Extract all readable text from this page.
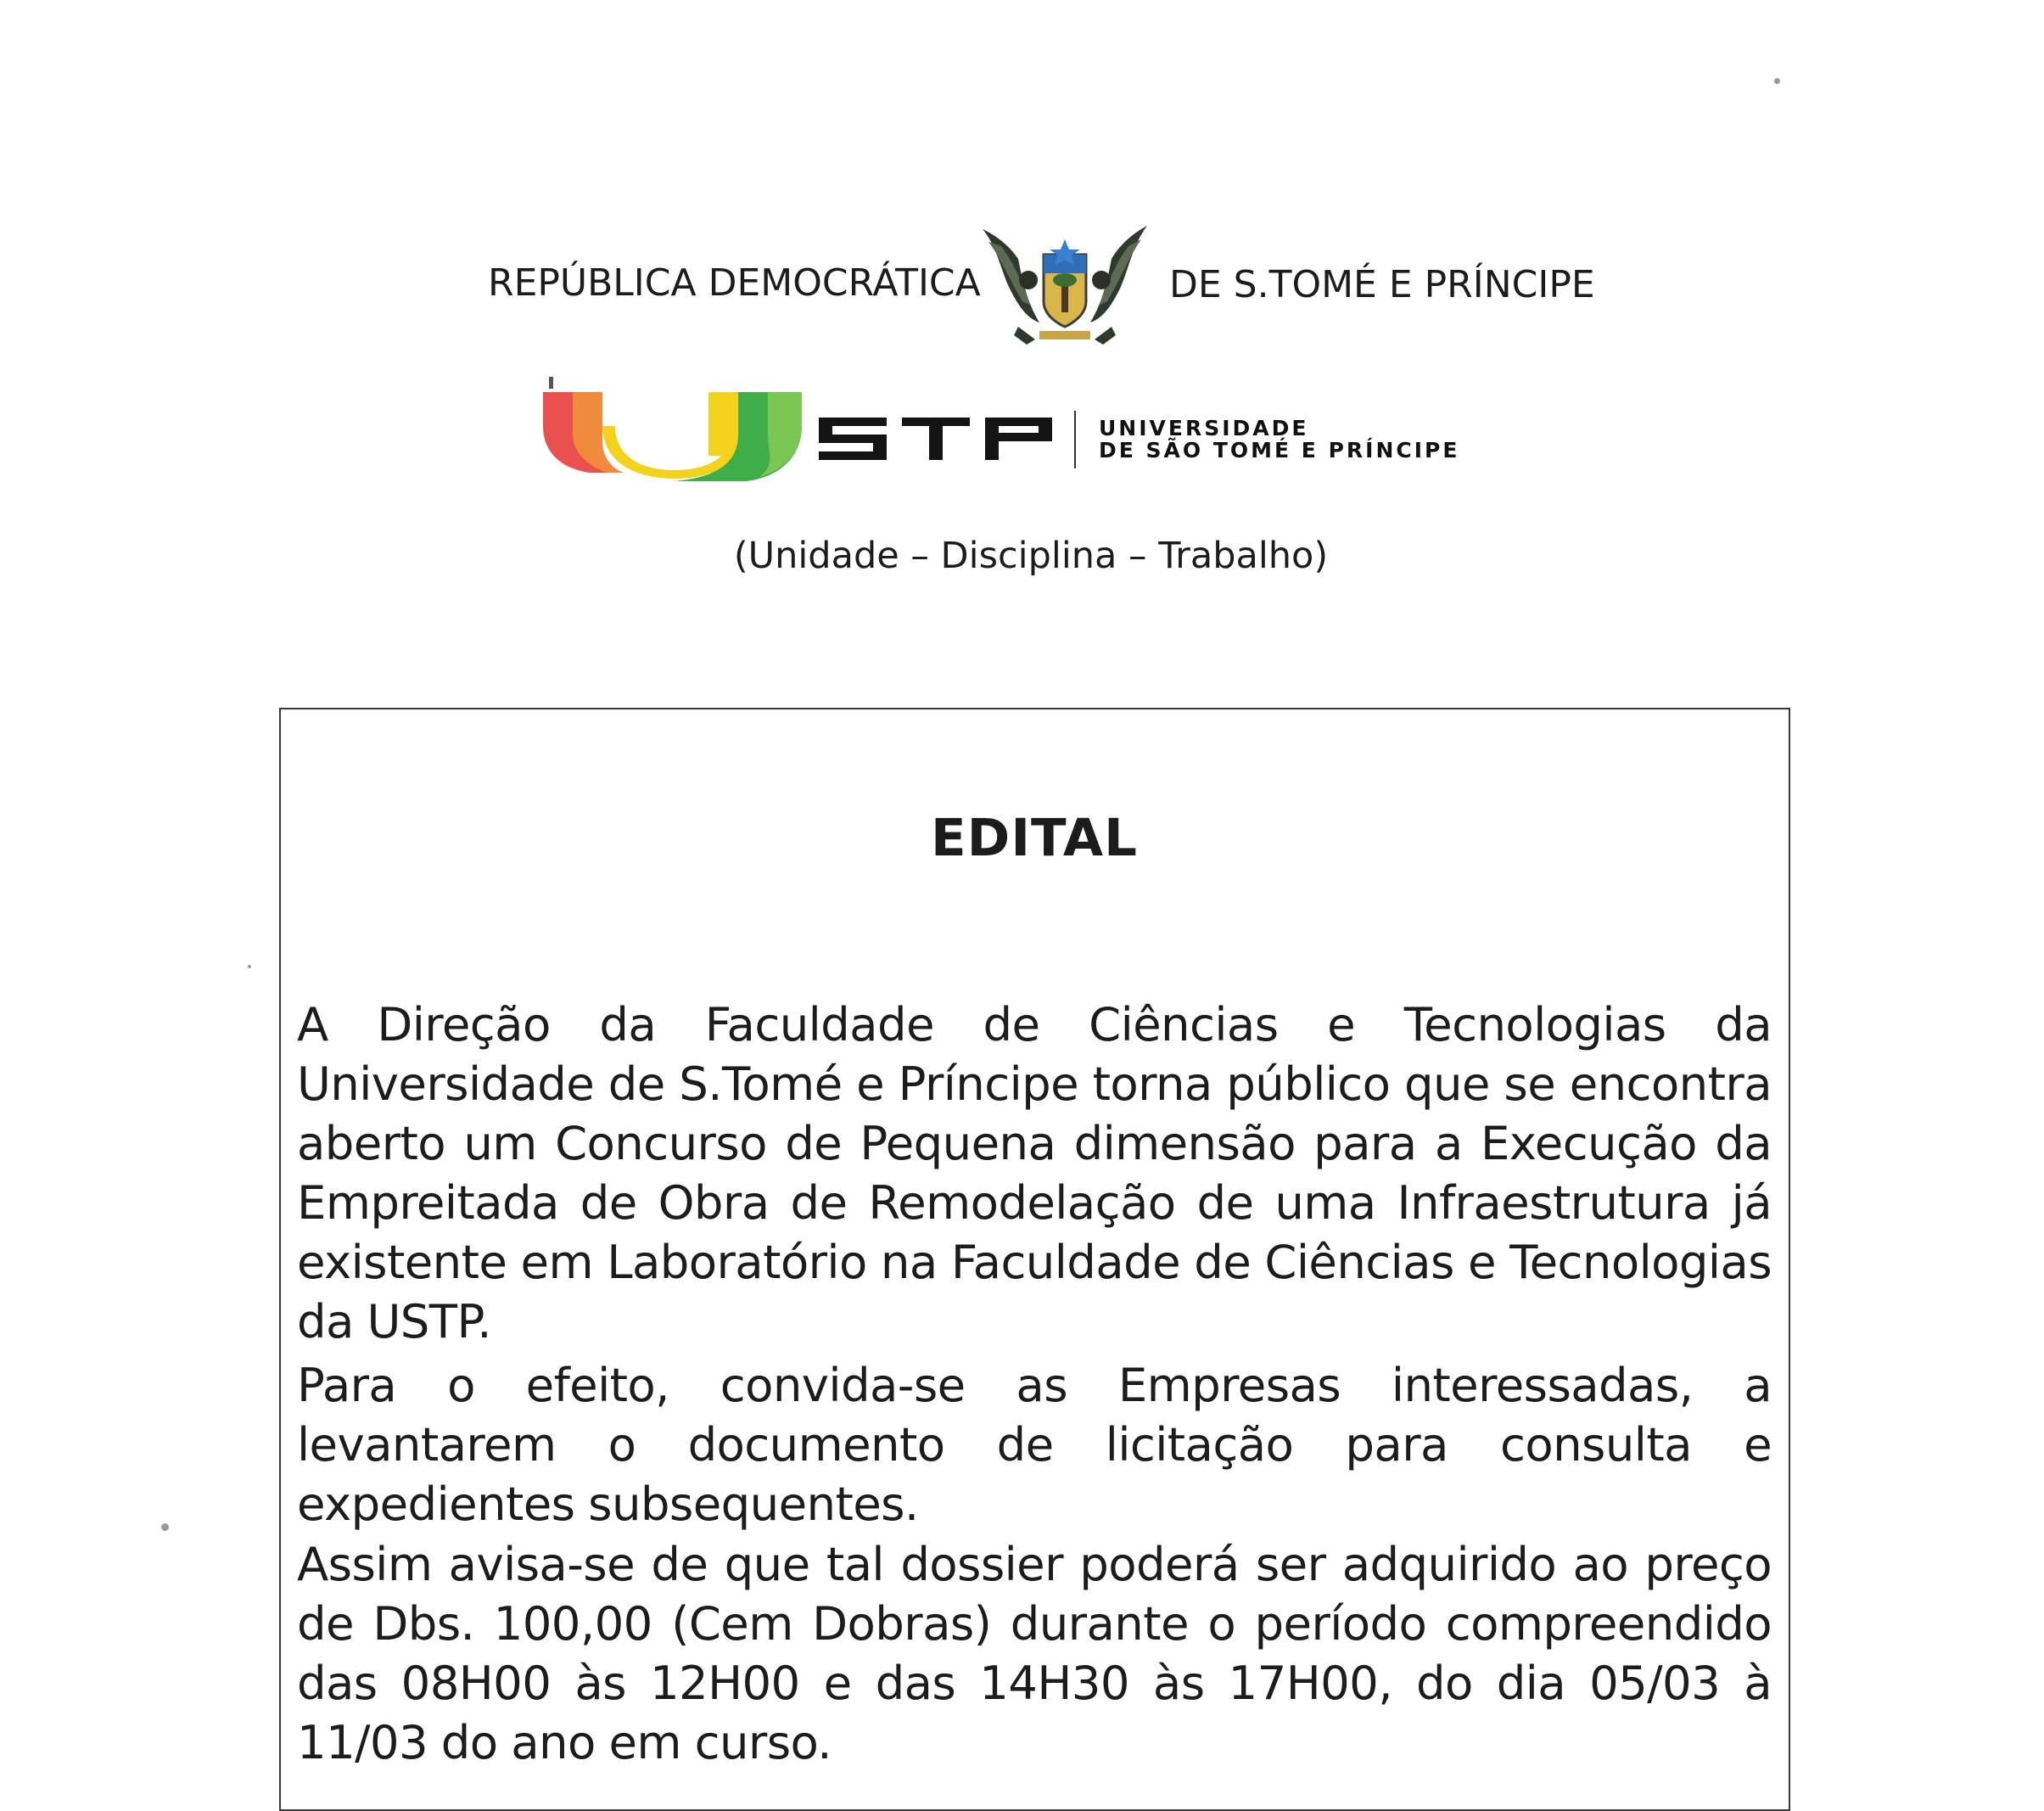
REPÚBLICA DEMOCRÁTICA	DE S.TOMÉ E PRÍNCIPE
UNIVERSIDADE
DE SÃO TOMÉ E PRÍNCIPE
(Unidade – Disciplina – Trabalho)
EDITAL
A Direção da Faculdade de Ciências e Tecnologias da Universidade de S.Tomé e Príncipe torna público que se encontra aberto um Concurso de Pequena dimensão para a Execução da Empreitada de Obra de Remodelação de uma Infraestrutura já existente em Laboratório na Faculdade de Ciências e Tecnologias da USTP.
Para o efeito, convida-se as Empresas interessadas, a levantarem o documento de licitação para consulta e expedientes subsequentes.
Assim avisa-se de que tal dossier poderá ser adquirido ao preço de Dbs. 100,00 (Cem Dobras) durante o período compreendido das 08H00 às 12H00 e das 14H30 às 17H00, do dia 05/03 à 11/03 do ano em curso.
